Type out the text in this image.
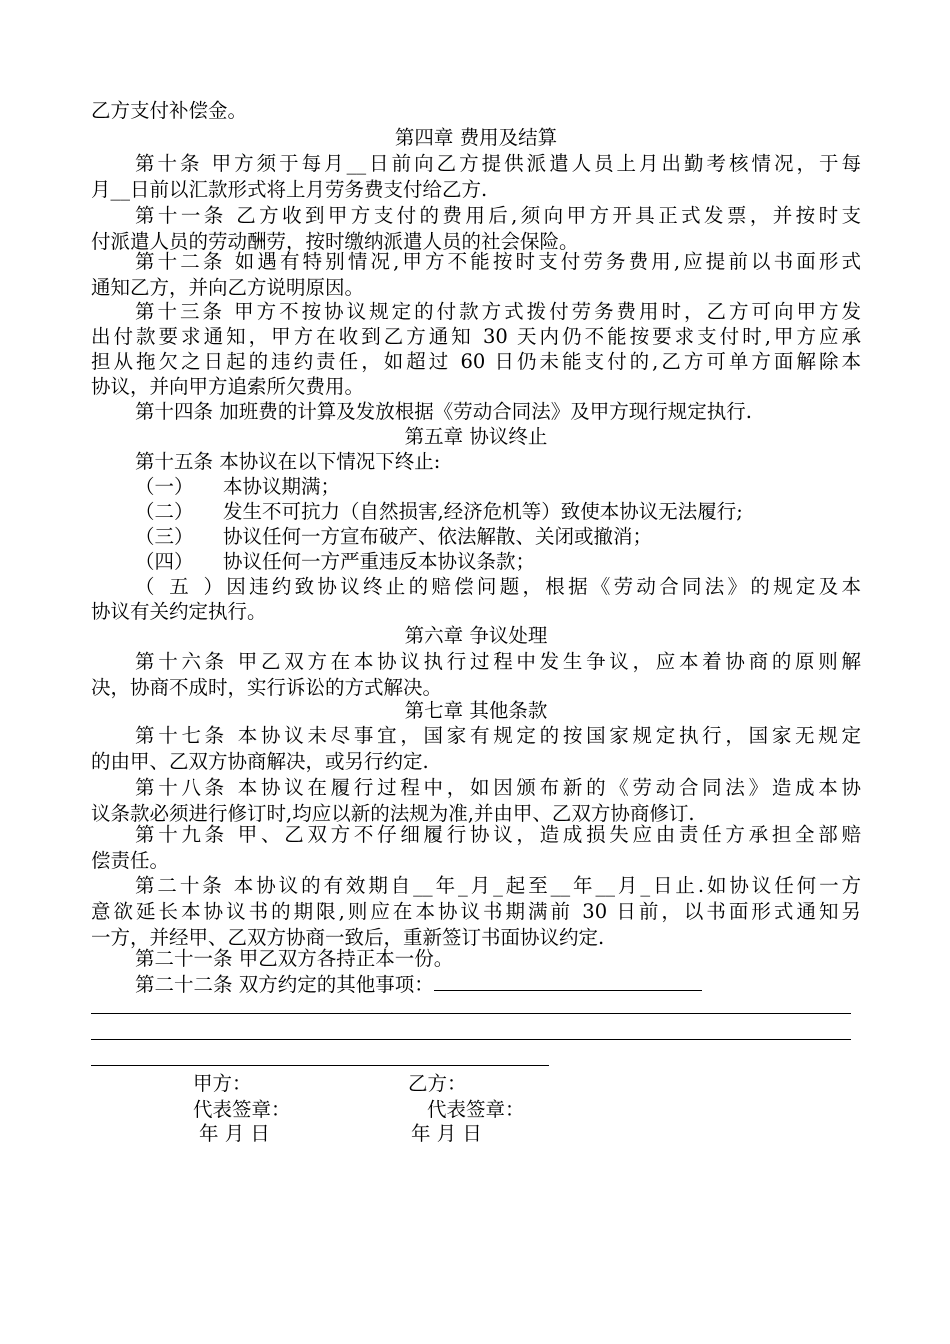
乙方支付补偿金。
第四章 费用及结算
第十条 甲方须于每月__日前向乙方提供派遣人员上月出勤考核情况，于每
月__日前以汇款形式将上月劳务费支付给乙方.
第十一条 乙方收到甲方支付的费用后,须向甲方开具正式发票，并按时支
付派遣人员的劳动酬劳，按时缴纳派遣人员的社会保险。
第十二条 如遇有特别情况,甲方不能按时支付劳务费用,应提前以书面形式
通知乙方，并向乙方说明原因。
第十三条 甲方不按协议规定的付款方式拨付劳务费用时，乙方可向甲方发
出付款要求通知，甲方在收到乙方通知 30 天内仍不能按要求支付时,甲方应承
担从拖欠之日起的违约责任，如超过 60 日仍未能支付的,乙方可单方面解除本
协议，并向甲方追索所欠费用。
第十四条 加班费的计算及发放根据《劳动合同法》及甲方现行规定执行.
第五章 协议终止
第十五条 本协议在以下情况下终止:
（一） 本协议期满；
（二） 发生不可抗力（自然损害,经济危机等）致使本协议无法履行;
（三） 协议任何一方宣布破产、依法解散、关闭或撤消；
（四） 协议任何一方严重违反本协议条款；
（五）因违约致协议终止的赔偿问题，根据《劳动合同法》的规定及本
协议有关约定执行。
第六章 争议处理
第十六条 甲乙双方在本协议执行过程中发生争议，应本着协商的原则解
决，协商不成时，实行诉讼的方式解决。
第七章 其他条款
第十七条 本协议未尽事宜，国家有规定的按国家规定执行，国家无规定
的由甲、乙双方协商解决，或另行约定.
第十八条 本协议在履行过程中，如因颁布新的《劳动合同法》造成本协
议条款必须进行修订时,均应以新的法规为准,并由甲、乙双方协商修订.
第十九条 甲、乙双方不仔细履行协议，造成损失应由责任方承担全部赔
偿责任。
第二十条 本协议的有效期自__年_月_起至__年__月_日止.如协议任何一方
意欲延长本协议书的期限,则应在本协议书期满前 30 日前，以书面形式通知另
一方，并经甲、乙双方协商一致后，重新签订书面协议约定.
第二十一条 甲乙双方各持正本一份。
第二十二条 双方约定的其他事项：
甲方：	乙方：
代表签章：	代表签章：
年 月 日	年 月 日
